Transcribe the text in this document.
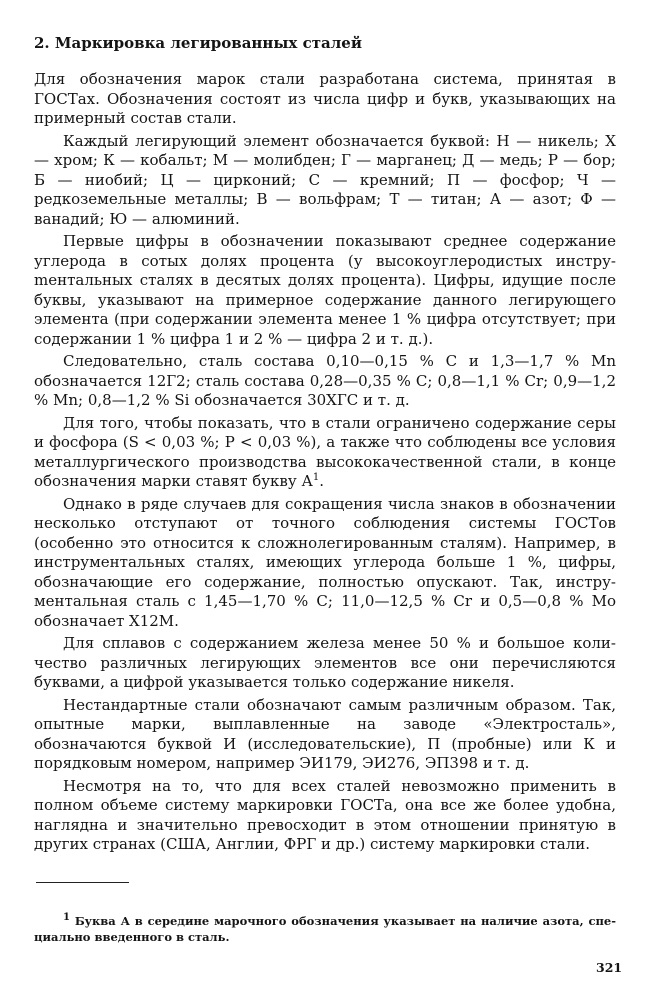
2. Маркировка легированных сталей

Для обозначения марок стали разработана система, принятая в ГОСТах. Обозначения состоят из числа цифр и букв, указывающих на примерный состав стали.

Каждый легирующий элемент обозначается буквой: Н — никель; Х — хром; К — кобальт; М — молибден; Г — марганец; Д — медь; Р — бор; Б — ниобий; Ц — цирконий; С — кремний; П — фосфор; Ч — редкоземельные металлы; В — вольфрам; Т — титан; А — азот; Ф — ванадий; Ю — алюминий.

Первые цифры в обозначении показывают среднее содержание углерода в сотых долях процента (у высокоуглеродистых инструmентальных сталях в десятых долях процента). Цифры, идущие после буквы, указывают на примерное содержание данного легирующего элемента (при содержании элемента менее 1 % цифра отсутствует; при содержании 1 % цифра 1 и 2 % — цифра 2 и т. д.).

Следовательно, сталь состава 0,10—0,15 % С и 1,3—1,7 % Mn обозначается 12Г2; сталь состава 0,28—0,35 % С; 0,8—1,1 % Cr; 0,9—1,2 % Mn; 0,8—1,2 % Si обозначается 30ХГС и т. д.

Для того, чтобы показать, что в стали ограничено содержание серы и фосфора (S < 0,03 %; Р < 0,03 %), а также что соблюдены все условия металлургического производства высококачественной стали, в конце обозначения марки ставят букву $А^1$.

Однако в ряде случаев для сокращения числа знаков в обозначении несколько отступают от точного соблюдения системы ГОСТов (особенно это относится к сложнолегированным сталям). Например, в инструментальных сталях, имеющих углерода больше 1 %, цифры, обозначающие его содержание, полностью опускают. Так, инструментальная сталь с 1,45—1,70 % С; 11,0—12,5 % Cr и 0,5—0,8 % Mo обозначает Х12М.

Для сплавов с содержанием железа менее 50 % и большое количество различных легирующих элементов все они перечисляются буквами, а цифрой указывается только содержание никеля.

Нестандартные стали обозначают самым различным образом. Так, опытные марки, выплавленные на заводе «Электросталь», обозначаются буквой И (исследовательские), П (пробные) или К и порядковым номером, например ЭИ179, ЭИ276, ЭП398 и т. д.

Несмотря на то, что для всех сталей невозможно применить в полном объеме систему маркировки ГОСТа, она все же более удобна, наглядна и значительно превосходит в этом отношении принятую в других странах (США, Англии, ФРГ и др.) систему маркировки стали.

$^1$ Буква А в середине марочного обозначения указывает на наличие азота, специально введенного в сталь.
321
